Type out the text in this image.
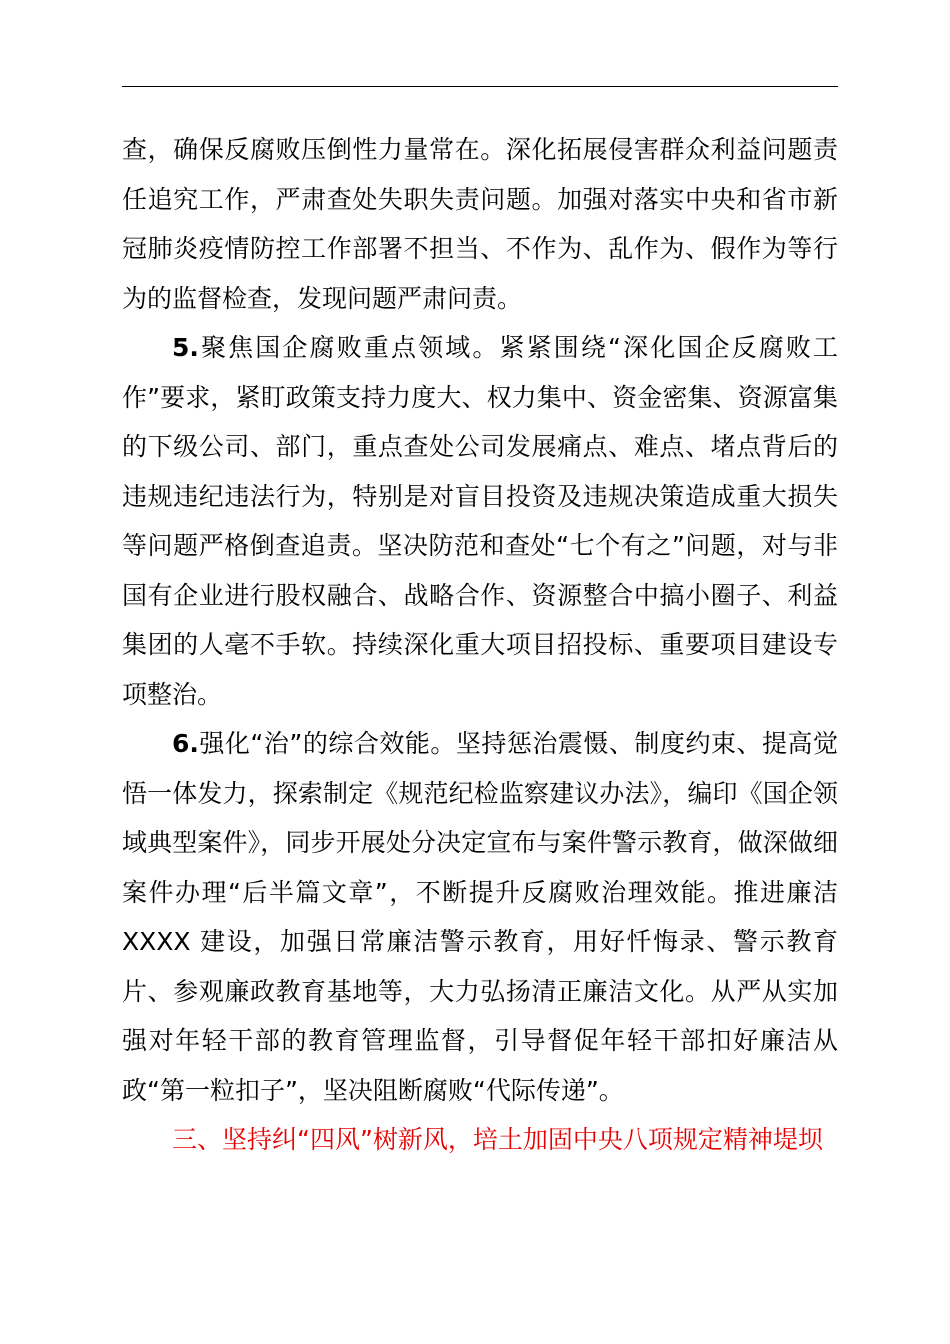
查，确保反腐败压倒性力量常在。深化拓展侵害群众利益问题责任追究工作，严肃查处失职失责问题。加强对落实中央和省市新冠肺炎疫情防控工作部署不担当、不作为、乱作为、假作为等行为的监督检查，发现问题严肃问责。

5.聚焦国企腐败重点领域。紧紧围绕“深化国企反腐败工作”要求，紧盯政策支持力度大、权力集中、资金密集、资源富集的下级公司、部门，重点查处公司发展痛点、难点、堵点背后的违规违纪违法行为，特别是对盲目投资及违规决策造成重大损失等问题严格倒查追责。坚决防范和查处“七个有之”问题，对与非国有企业进行股权融合、战略合作、资源整合中搞小圈子、利益集团的人毫不手软。持续深化重大项目招投标、重要项目建设专项整治。

6.强化“治”的综合效能。坚持惩治震慑、制度约束、提高觉悟一体发力，探索制定《规范纪检监察建议办法》，编印《国企领域典型案件》，同步开展处分决定宣布与案件警示教育，做深做细案件办理“后半篇文章”，不断提升反腐败治理效能。推进廉洁 XXXX 建设，加强日常廉洁警示教育，用好忏悔录、警示教育片、参观廉政教育基地等，大力弘扬清正廉洁文化。从严从实加强对年轻干部的教育管理监督，引导督促年轻干部扣好廉洁从政“第一粒扣子”，坚决阻断腐败“代际传递”。

三、坚持纠“四风”树新风，培土加固中央八项规定精神堤坝
